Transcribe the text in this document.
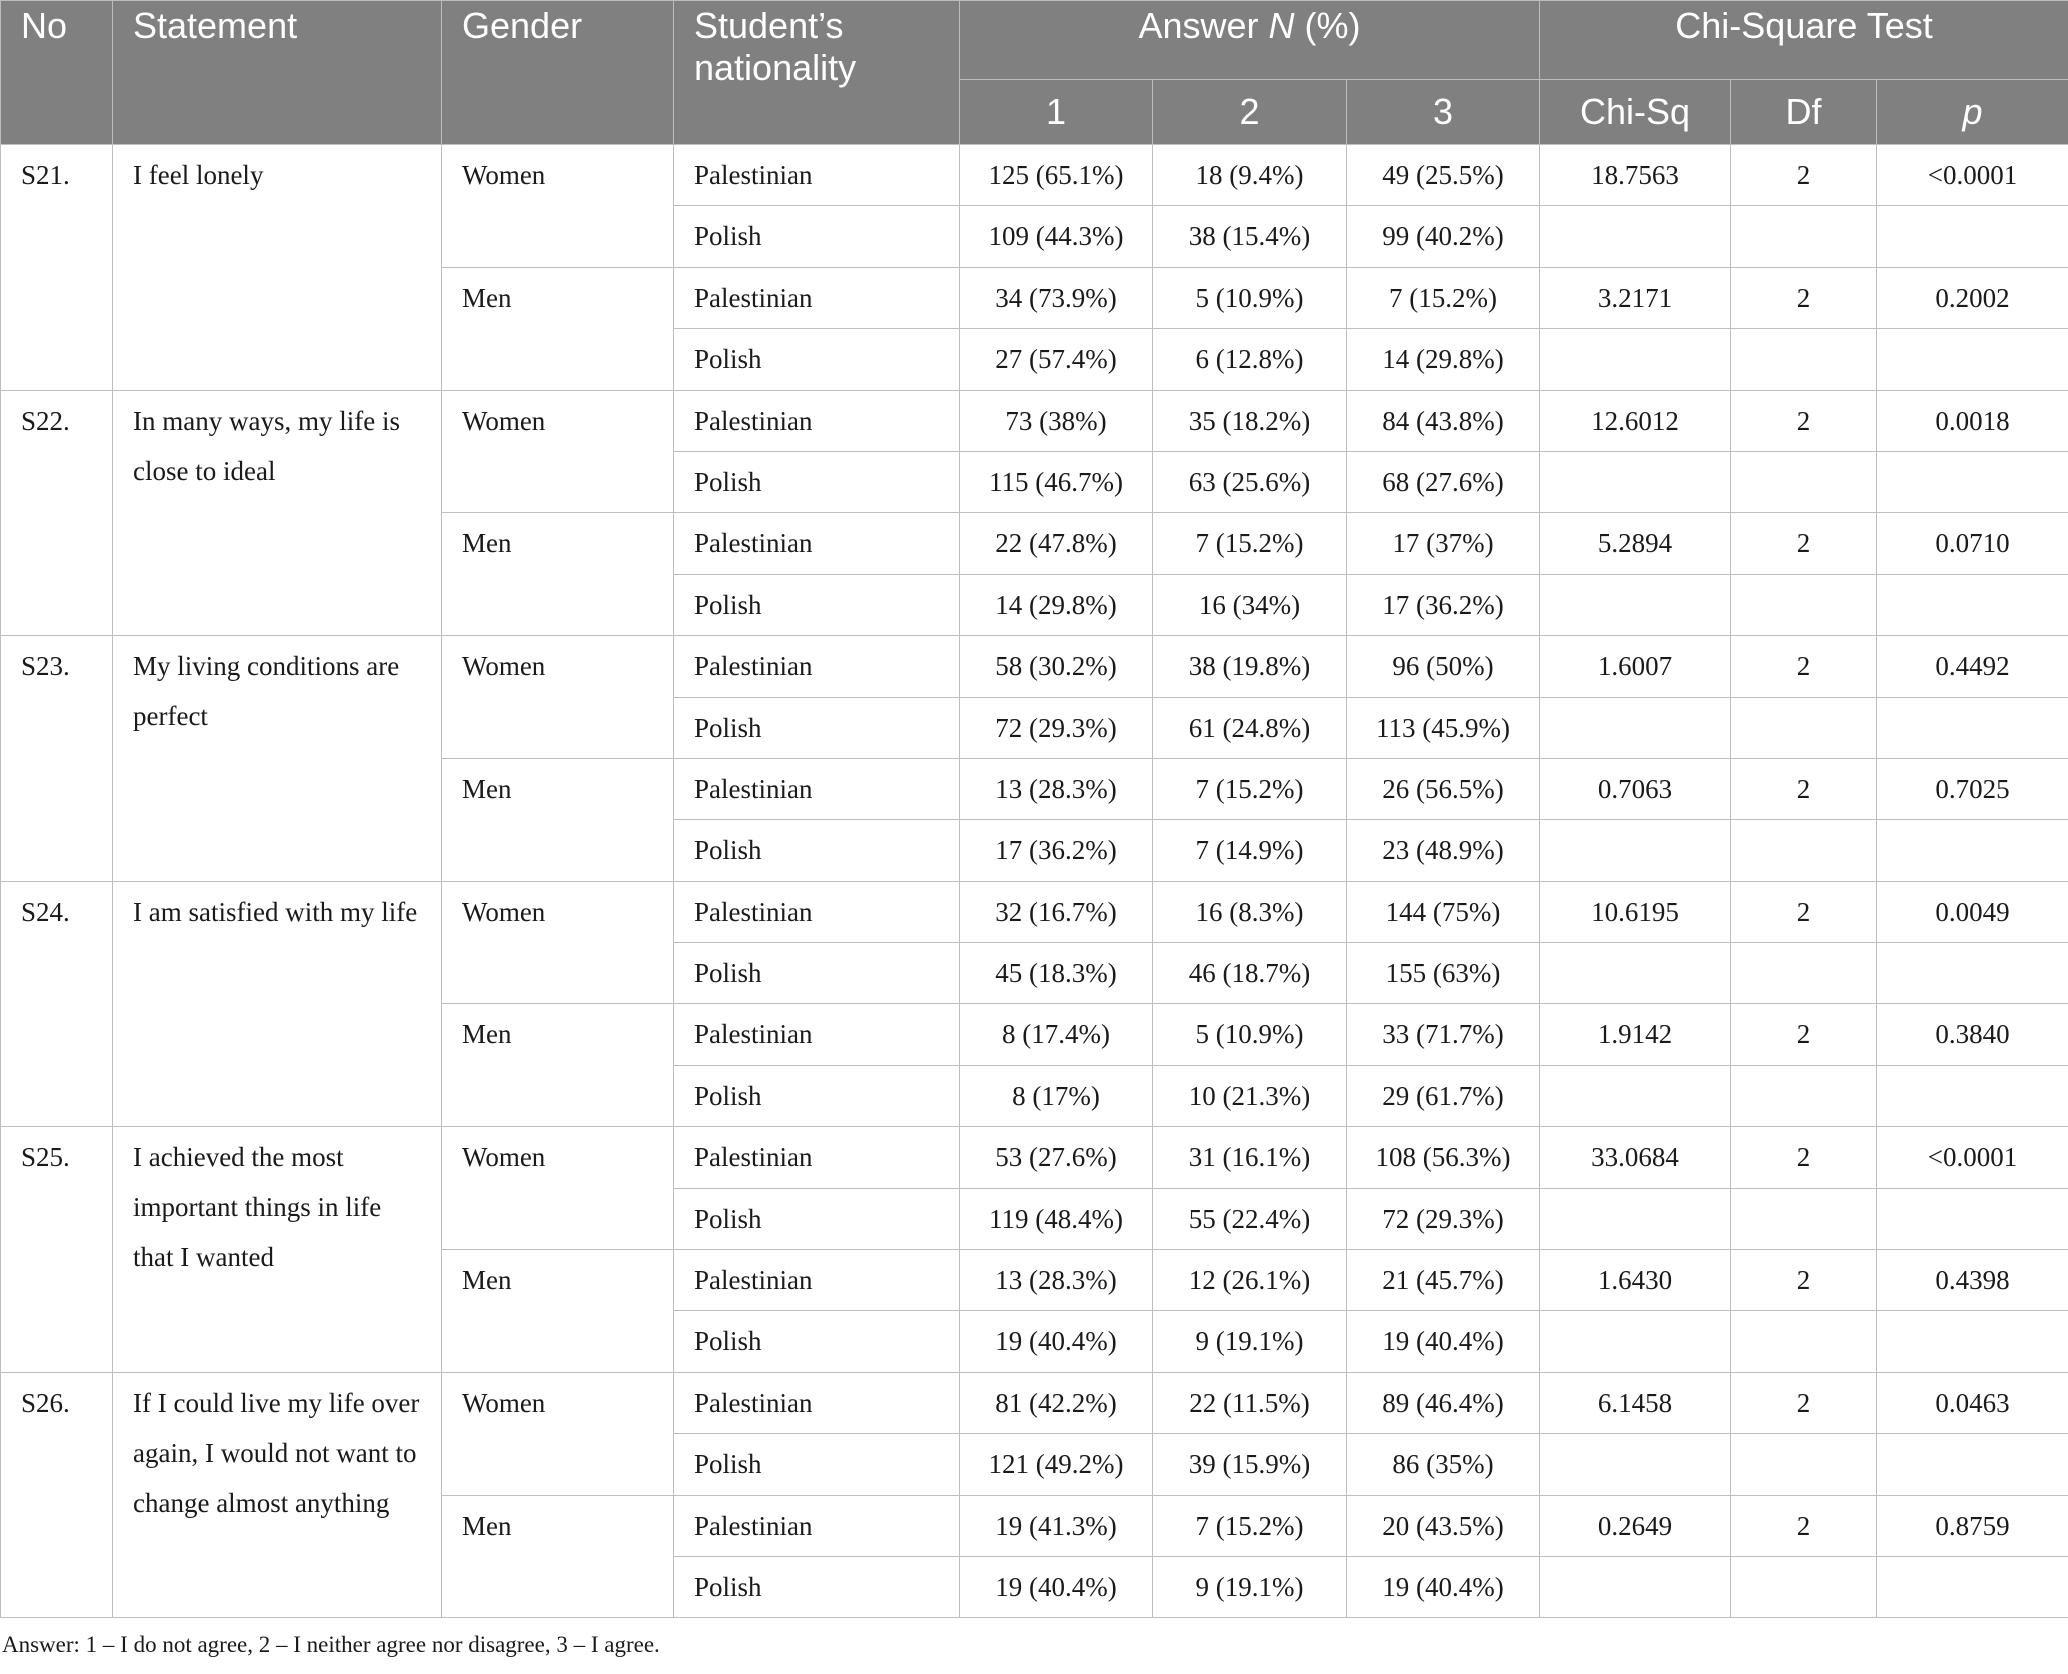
No	Statement	Gender	Student’s nationality	Answer N (%)			Chi-Square Test		
				1	2	3	Chi-Sq	Df	p
S21.	I feel lonely	Women	Palestinian	125 (65.1%)	18 (9.4%)	49 (25.5%)	18.7563	2	<0.0001
			Polish	109 (44.3%)	38 (15.4%)	99 (40.2%)			
		Men	Palestinian	34 (73.9%)	5 (10.9%)	7 (15.2%)	3.2171	2	0.2002
			Polish	27 (57.4%)	6 (12.8%)	14 (29.8%)			
S22.	In many ways, my life is close to ideal	Women	Palestinian	73 (38%)	35 (18.2%)	84 (43.8%)	12.6012	2	0.0018
			Polish	115 (46.7%)	63 (25.6%)	68 (27.6%)			
		Men	Palestinian	22 (47.8%)	7 (15.2%)	17 (37%)	5.2894	2	0.0710
			Polish	14 (29.8%)	16 (34%)	17 (36.2%)			
S23.	My living conditions are perfect	Women	Palestinian	58 (30.2%)	38 (19.8%)	96 (50%)	1.6007	2	0.4492
			Polish	72 (29.3%)	61 (24.8%)	113 (45.9%)			
		Men	Palestinian	13 (28.3%)	7 (15.2%)	26 (56.5%)	0.7063	2	0.7025
			Polish	17 (36.2%)	7 (14.9%)	23 (48.9%)			
S24.	I am satisfied with my life	Women	Palestinian	32 (16.7%)	16 (8.3%)	144 (75%)	10.6195	2	0.0049
			Polish	45 (18.3%)	46 (18.7%)	155 (63%)			
		Men	Palestinian	8 (17.4%)	5 (10.9%)	33 (71.7%)	1.9142	2	0.3840
			Polish	8 (17%)	10 (21.3%)	29 (61.7%)			
S25.	I achieved the most important things in life that I wanted	Women	Palestinian	53 (27.6%)	31 (16.1%)	108 (56.3%)	33.0684	2	<0.0001
			Polish	119 (48.4%)	55 (22.4%)	72 (29.3%)			
		Men	Palestinian	13 (28.3%)	12 (26.1%)	21 (45.7%)	1.6430	2	0.4398
			Polish	19 (40.4%)	9 (19.1%)	19 (40.4%)			
S26.	If I could live my life over again, I would not want to change almost anything	Women	Palestinian	81 (42.2%)	22 (11.5%)	89 (46.4%)	6.1458	2	0.0463
			Polish	121 (49.2%)	39 (15.9%)	86 (35%)			
		Men	Palestinian	19 (41.3%)	7 (15.2%)	20 (43.5%)	0.2649	2	0.8759
			Polish	19 (40.4%)	9 (19.1%)	19 (40.4%)			
Answer: 1 – I do not agree, 2 – I neither agree nor disagree, 3 – I agree.
